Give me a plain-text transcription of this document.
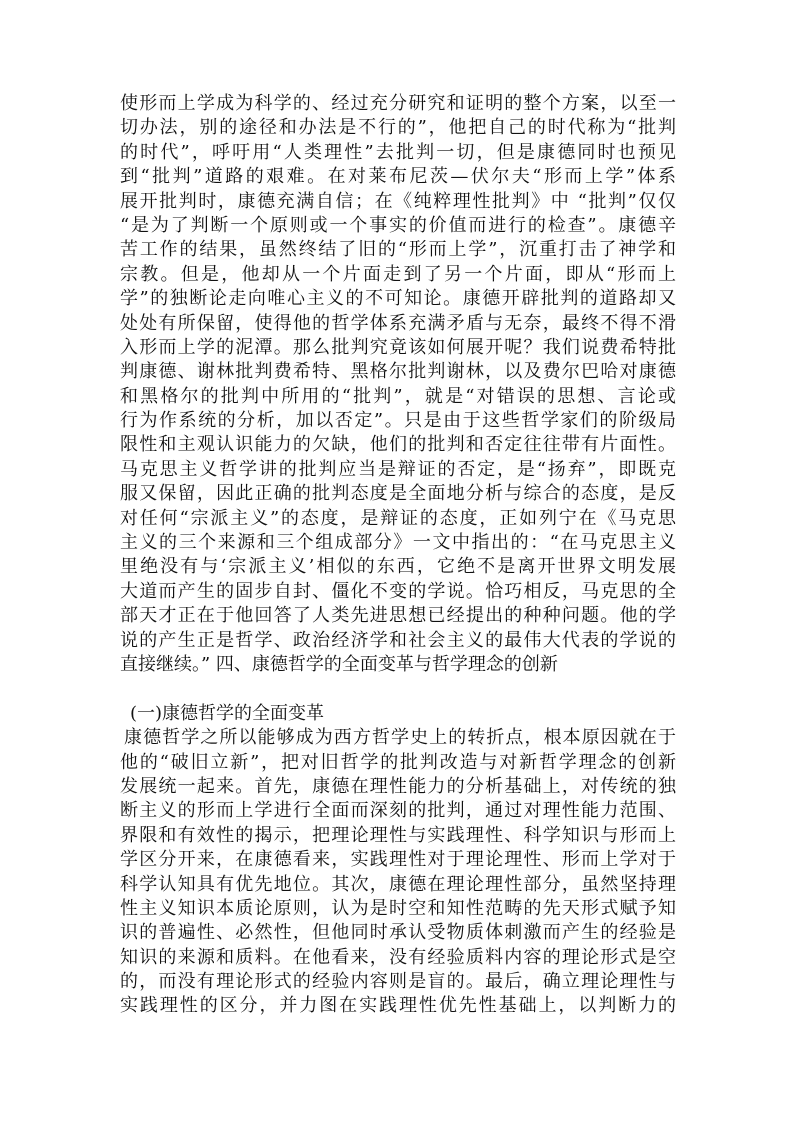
使形而上学成为科学的、经过充分研究和证明的整个方案，以至一
切办法，别的途径和办法是不行的”，他把自己的时代称为“批判
的时代”，呼吁用“人类理性”去批判一切，但是康德同时也预见
到“批判”道路的艰难。在对莱布尼茨—伏尔夫“形而上学”体系
展开批判时，康德充满自信；在《纯粹理性批判》中 “批判”仅仅
“是为了判断一个原则或一个事实的价值而进行的检查”。康德辛
苦工作的结果，虽然终结了旧的“形而上学”，沉重打击了神学和
宗教。但是，他却从一个片面走到了另一个片面，即从“形而上
学”的独断论走向唯心主义的不可知论。康德开辟批判的道路却又
处处有所保留，使得他的哲学体系充满矛盾与无奈，最终不得不滑
入形而上学的泥潭。那么批判究竟该如何展开呢？我们说费希特批
判康德、谢林批判费希特、黑格尔批判谢林，以及费尔巴哈对康德
和黑格尔的批判中所用的“批判”，就是“对错误的思想、言论或
行为作系统的分析，加以否定”。只是由于这些哲学家们的阶级局
限性和主观认识能力的欠缺，他们的批判和否定往往带有片面性。
马克思主义哲学讲的批判应当是辩证的否定，是“扬弃”，即既克
服又保留，因此正确的批判态度是全面地分析与综合的态度，是反
对任何“宗派主义”的态度，是辩证的态度，正如列宁在《马克思
主义的三个来源和三个组成部分》一文中指出的：“在马克思主义
里绝没有与‘宗派主义’相似的东西，它绝不是离开世界文明发展
大道而产生的固步自封、僵化不变的学说。恰巧相反，马克思的全
部天才正在于他回答了人类先进思想已经提出的种种问题。他的学
说的产生正是哲学、政治经济学和社会主义的最伟大代表的学说的
直接继续。” 四、康德哲学的全面变革与哲学理念的创新
(一)康德哲学的全面变革
康德哲学之所以能够成为西方哲学史上的转折点，根本原因就在于
他的“破旧立新”，把对旧哲学的批判改造与对新哲学理念的创新
发展统一起来。首先，康德在理性能力的分析基础上，对传统的独
断主义的形而上学进行全面而深刻的批判，通过对理性能力范围、
界限和有效性的揭示，把理论理性与实践理性、科学知识与形而上
学区分开来，在康德看来，实践理性对于理论理性、形而上学对于
科学认知具有优先地位。其次，康德在理论理性部分，虽然坚持理
性主义知识本质论原则，认为是时空和知性范畴的先天形式赋予知
识的普遍性、必然性，但他同时承认受物质体刺激而产生的经验是
知识的来源和质料。在他看来，没有经验质料内容的理论形式是空
的，而没有理论形式的经验内容则是盲的。最后，确立理论理性与
实践理性的区分，并力图在实践理性优先性基础上，以判断力的
